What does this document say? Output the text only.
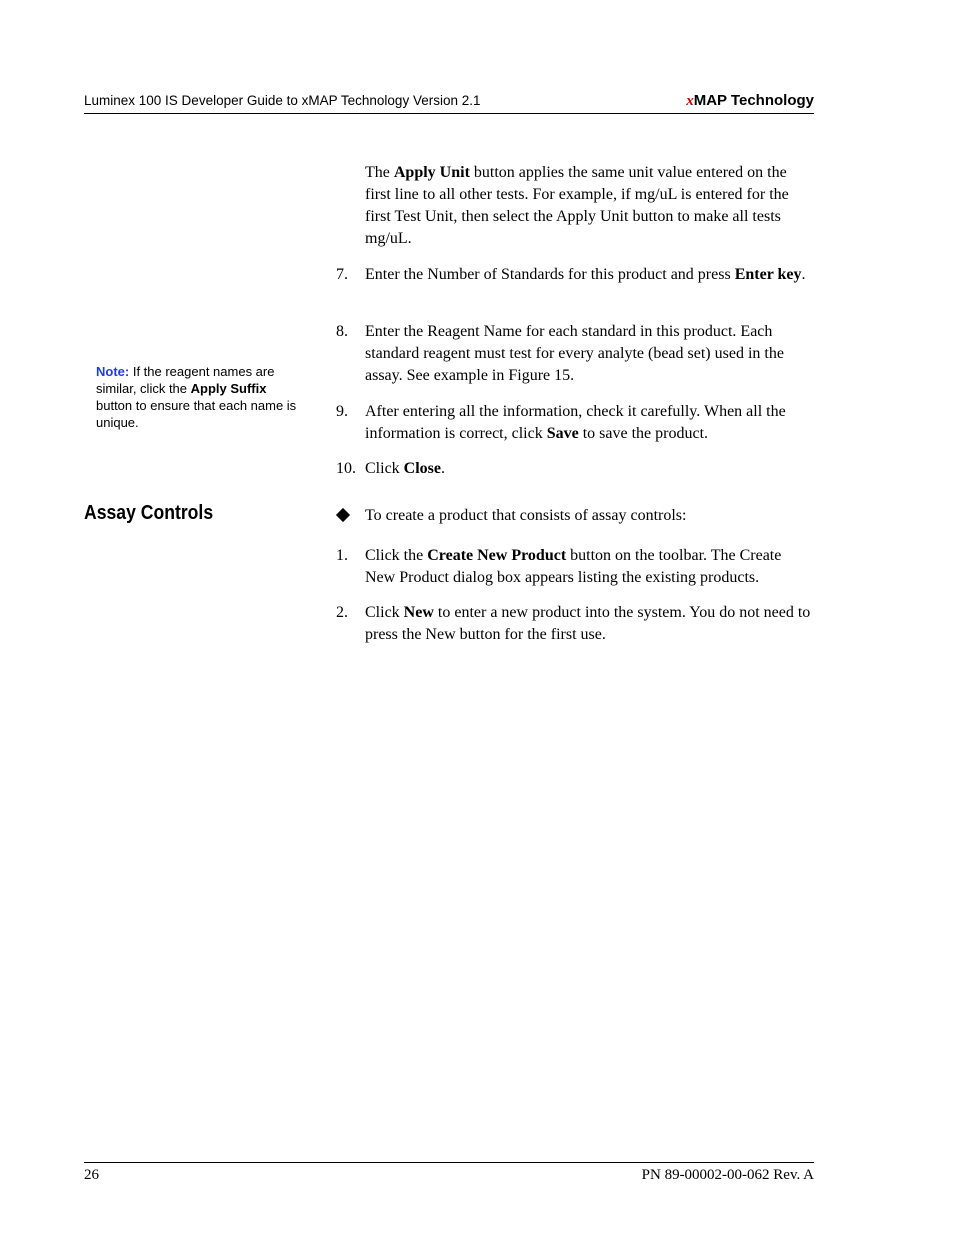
Luminex 100 IS Developer Guide to xMAP Technology Version 2.1	xMAP Technology
The Apply Unit button applies the same unit value entered on the first line to all other tests. For example, if mg/uL is entered for the first Test Unit, then select the Apply Unit button to make all tests mg/uL.
7. Enter the Number of Standards for this product and press Enter key.
8. Enter the Reagent Name for each standard in this product. Each standard reagent must test for every analyte (bead set) used in the assay. See example in Figure 15.
9. After entering all the information, check it carefully. When all the information is correct, click Save to save the product.
10. Click Close.
Note: If the reagent names are similar, click the Apply Suffix button to ensure that each name is unique.
Assay Controls	To create a product that consists of assay controls:
1. Click the Create New Product button on the toolbar. The Create New Product dialog box appears listing the existing products.
2. Click New to enter a new product into the system. You do not need to press the New button for the first use.
26	PN 89-00002-00-062 Rev. A
